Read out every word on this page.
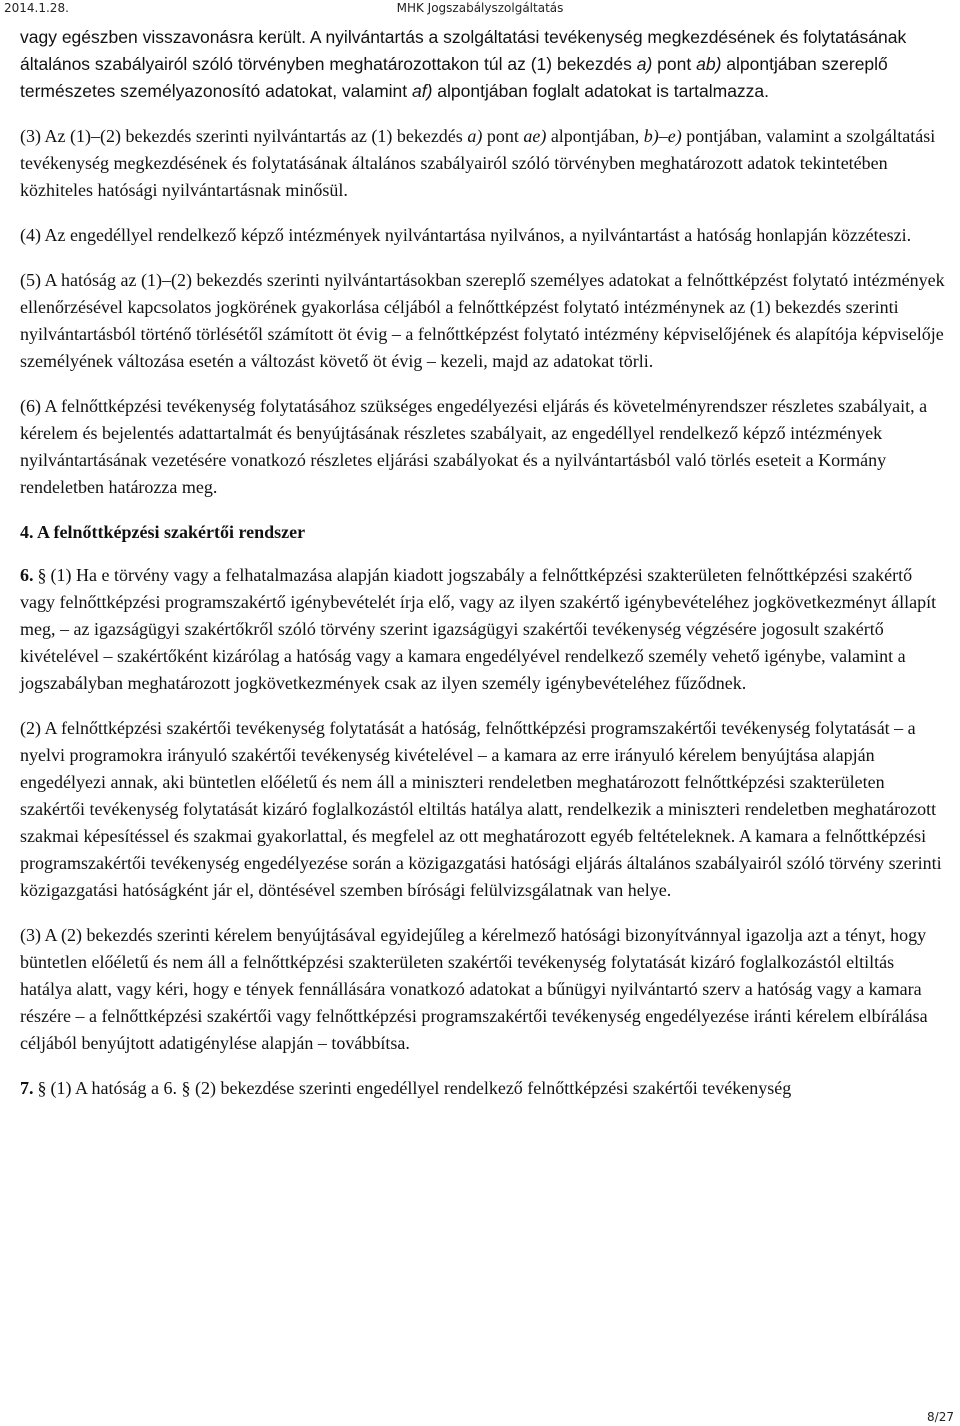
2014.1.28.	MHK Jogszabályszolgáltatás

vagy egészben visszavonásra került. A nyilvántartás a szolgáltatási tevékenység megkezdésének és folytatásának általános szabályairól szóló törvényben meghatározottakon túl az (1) bekezdés a) pont ab) alpontjában szereplő természetes személyazonosító adatokat, valamint af) alpontjában foglalt adatokat is tartalmazza.

(3) Az (1)–(2) bekezdés szerinti nyilvántartás az (1) bekezdés a) pont ae) alpontjában, b)–e) pontjában, valamint a szolgáltatási tevékenység megkezdésének és folytatásának általános szabályairól szóló törvényben meghatározott adatok tekintetében közhiteles hatósági nyilvántartásnak minősül.

(4) Az engedéllyel rendelkező képző intézmények nyilvántartása nyilvános, a nyilvántartást a hatóság honlapján közzéteszi.

(5) A hatóság az (1)–(2) bekezdés szerinti nyilvántartásokban szereplő személyes adatokat a felnőttképzést folytató intézmények ellenőrzésével kapcsolatos jogkörének gyakorlása céljából a felnőttképzést folytató intézménynek az (1) bekezdés szerinti nyilvántartásból történő törlésétől számított öt évig – a felnőttképzést folytató intézmény képviselőjének és alapítója képviselője személyének változása esetén a változást követő öt évig – kezeli, majd az adatokat törli.

(6) A felnőttképzési tevékenység folytatásához szükséges engedélyezési eljárás és követelményrendszer részletes szabályait, a kérelem és bejelentés adattartalmát és benyújtásának részletes szabályait, az engedéllyel rendelkező képző intézmények nyilvántartásának vezetésére vonatkozó részletes eljárási szabályokat és a nyilvántartásból való törlés eseteit a Kormány rendeletben határozza meg.

4. A felnőttképzési szakértői rendszer

6. § (1) Ha e törvény vagy a felhatalmazása alapján kiadott jogszabály a felnőttképzési szakterületen felnőttképzési szakértő vagy felnőttképzési programszakértő igénybevételét írja elő, vagy az ilyen szakértő igénybevételéhez jogkövetkezményt állapít meg, – az igazságügyi szakértőkről szóló törvény szerint igazságügyi szakértői tevékenység végzésére jogosult szakértő kivételével – szakértőként kizárólag a hatóság vagy a kamara engedélyével rendelkező személy vehető igénybe, valamint a jogszabályban meghatározott jogkövetkezmények csak az ilyen személy igénybevételéhez fűződnek.

(2) A felnőttképzési szakértői tevékenység folytatását a hatóság, felnőttképzési programszakértői tevékenység folytatását – a nyelvi programokra irányuló szakértői tevékenység kivételével – a kamara az erre irányuló kérelem benyújtása alapján engedélyezi annak, aki büntetlen előéletű és nem áll a miniszteri rendeletben meghatározott felnőttképzési szakterületen szakértői tevékenység folytatását kizáró foglalkozástól eltiltás hatálya alatt, rendelkezik a miniszteri rendeletben meghatározott szakmai képesítéssel és szakmai gyakorlattal, és megfelel az ott meghatározott egyéb feltételeknek. A kamara a felnőttképzési programszakértői tevékenység engedélyezése során a közigazgatási hatósági eljárás általános szabályairól szóló törvény szerinti közigazgatási hatóságként jár el, döntésével szemben bírósági felülvizsgálatnak van helye.

(3) A (2) bekezdés szerinti kérelem benyújtásával egyidejűleg a kérelmező hatósági bizonyítvánnyal igazolja azt a tényt, hogy büntetlen előéletű és nem áll a felnőttképzési szakterületen szakértői tevékenység folytatását kizáró foglalkozástól eltiltás hatálya alatt, vagy kéri, hogy e tények fennállására vonatkozó adatokat a bűnügyi nyilvántartó szerv a hatóság vagy a kamara részére – a felnőttképzési szakértői vagy felnőttképzési programszakértői tevékenység engedélyezése iránti kérelem elbírálása céljából benyújtott adatigénylése alapján – továbbítsa.

7. § (1) A hatóság a 6. § (2) bekezdése szerinti engedéllyel rendelkező felnőttképzési szakértői tevékenység

8/27
